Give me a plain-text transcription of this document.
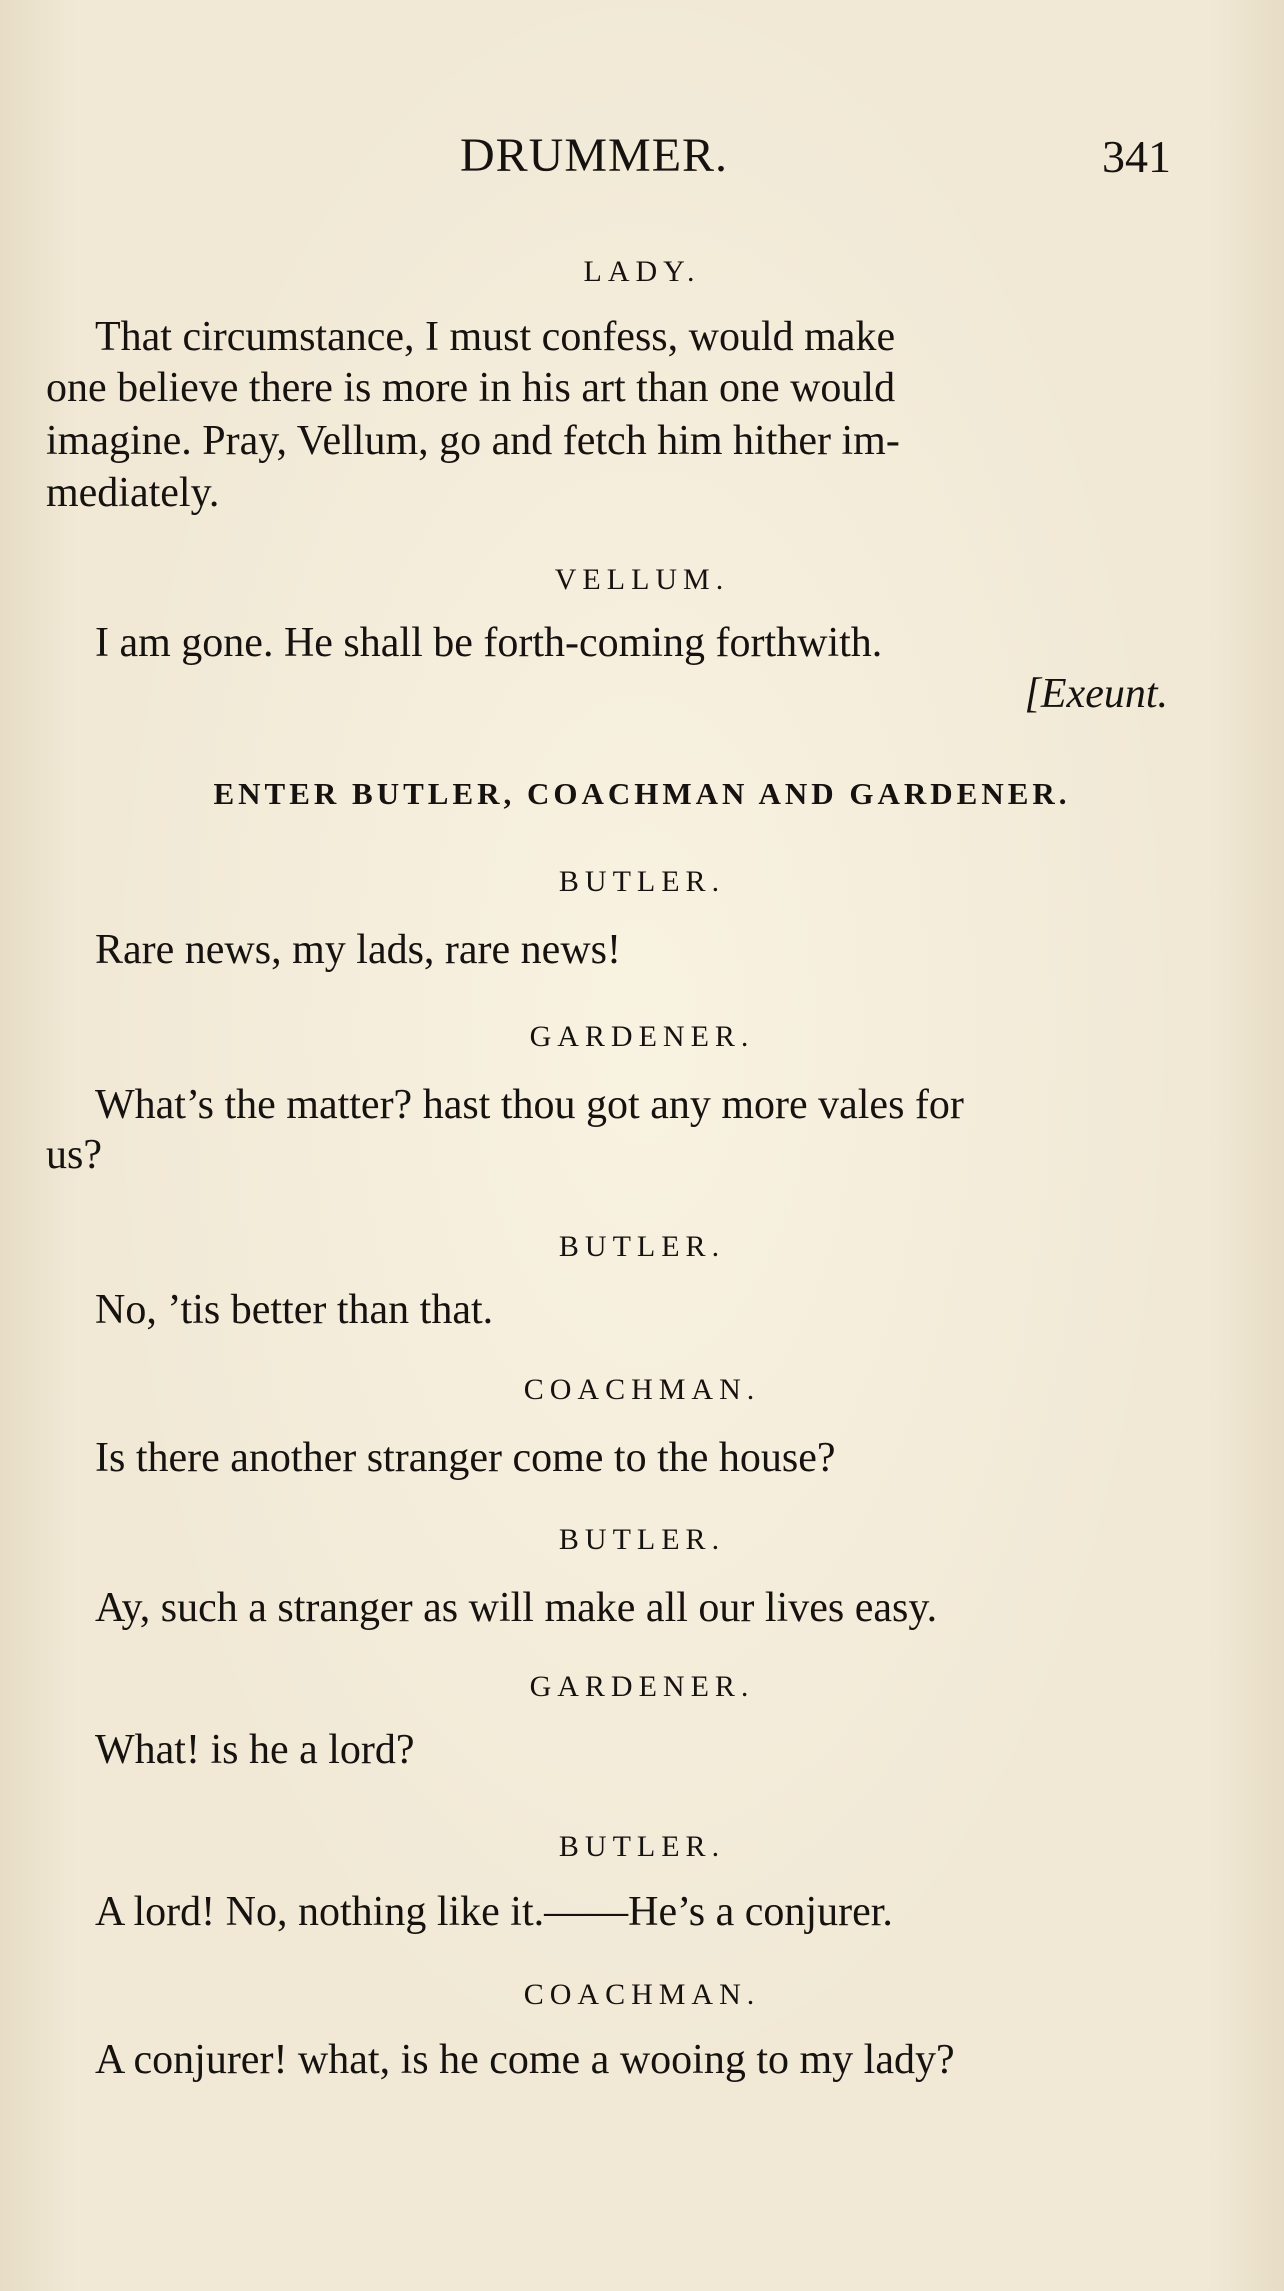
DRUMMER.	341
LADY.
That circumstance, I must confess, would make
one believe there is more in his art than one would
imagine. Pray, Vellum, go and fetch him hither im-
mediately.
VELLUM.
I am gone. He shall be forth-coming forthwith.
[Exeunt.
ENTER BUTLER, COACHMAN AND GARDENER.
BUTLER.
Rare news, my lads, rare news!
GARDENER.
What’s the matter? hast thou got any more vales for
us?
BUTLER.
No, ’tis better than that.
COACHMAN.
Is there another stranger come to the house?
BUTLER.
Ay, such a stranger as will make all our lives easy.
GARDENER.
What! is he a lord?
BUTLER.
A lord! No, nothing like it.——He’s a conjurer.
COACHMAN.
A conjurer! what, is he come a wooing to my lady?
